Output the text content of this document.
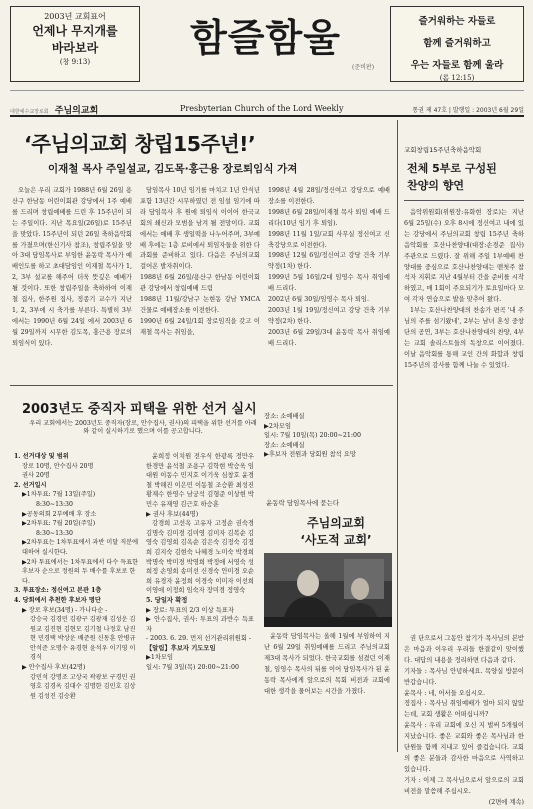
2003년 교회표어
언제나 무지개를
바라보라
(창 9:13)
함즐함울
(준비판)
즐거워하는 자들로
함께 즐거워하고
우는 자들로 함께 울라
(롬 12:15)
대한예수교장로회 주님의교회	Presbyterian Church of the Lord Weekly	통권 제 47호 | 발행일 : 2003년 6월 29일
‘주님의교회 창립15주년!’
이재철 목사 주일설교, 김도목·홍근용 장로퇴임식 가져

오늘은 우리 교회가 1988년 6월 26일 용산구 한남동 어린이회관 강당에서 1주 예배를 드리며 창립예배를 드린 후 15주년이 되는 주일이다. 지난 목요일(26일)로 15주년을 맞았다. 15주년이 되던 26일 축하음악회를 가졌으며(한신기사 참조), 창립주일을 맞아 3대 담임목사로 부임한 윤동락 목사가 예배인도를 하고 초대담임인 이재철 목사가 1, 2, 3부 설교를 해주어 더욱 뜻깊은 예배가 될 것이다. 또한 창립주일을 축하하여 이재철 집사, 한주원 집사, 정종기 교수가 지난 1, 2, 3부에 시 축가를 부른다. 특별히 3부에서는 1990년 6월 24일 에서 2003년 6월 29일까지 시무한 김도목, 홍근용 장로의 퇴임식이 있다.

담임목사 10년 임기를 마치고 1년 안식년 포함 13년간 시무하였던 전 임설 임기에 따라 담임목사 후 원에 퇴임식 이이어 한국교회의 쇄신과 모범을 남겨 될 전망이다. 교회에서는 예배 후 생일떡을 나누어주며, 3부예배 후에는 1층 로비에서 퇴임자들을 위한 다과회를 준비하고 있다. 다음은 주님의교회 걸어온 발자취이다.

1988년 6월 26일/용산구 한남동 어린이회관 강당에서 창립예배 드림

1988년 11월/강남구 논현동 강남 YMCA 건물로 예배장소를 이전한다.

1990년 6월 24일/1회 장로임직을 갖고 이재철 목사는 취임을,

1998년 4월 28일/정신여고 강당으로 예배장소를 이전한다.

1998년 6월 28일/이재철 목사 퇴임 예배 드리다(10년 임기 후 퇴임).

1998년 11월 1일/교회 사무실 정신여고 신축강당으로 이전한다.

1998년 12월 6일/정신여고 강당 건축 기부약정(1차) 한다.

1999년 5월 16일/2대 임영수 목사 취임예배 드리다.

2002년 6월 30일/임영수 목사 퇴임.

2003년 1월 19일/정신여고 강당 건축 기부약정(2차) 한다.

2003년 6월 29일/3대 윤동락 목사 취임예배 드리다.

교회창립15주년축하음악회
전체 5부로 구성된
찬양의 향연

음악위원회(위원장:유화현 장로)는 지난 6월 25일(수) 오후 8시에 정신여고 내에 있는 강당에서 주님의교회 창립 15주년 축하음악회를 호산나찬양대(대장:손경준 집사)주관으로 드렸다. 잘 위해 주일 1부예배 찬양대를 중심으로 호산나찬양대는 맨첫주 참석자 지휘로 지난 4월부터 간을 준비를 시작하였고, 매 1회이 주요되기가 토요일마다 모여 각자 연습으로 발을 맞추어 왔다.

1부는 호산나찬양대의 찬송가 편곡 '내 주님의 주를 섬기왔네', 2부는 남녀 혼성 중창단의 공연, 3부는 호산나찬양대의 찬양, 4부는 교회 솔리스트들의 독창으로 이어졌다. 이날 음악회를 통해 교인 간의 화합과 창립 15주년의 감사를 함께 나눌 수 있었다.

2003년도 중직자 피택을 위한 선거 실시
우리 교회에서는 2003년도 중직자(장로, 안수집사, 권사)의 피택을 위한 선거를 아래와 같이 실시하기로 했으며 이를 공고합니다.
1. 선거대상 및 범위
장로 10명, 안수집사 20명
권사 20명
2. 선거일시
▶1차투표: 7월 13일(주일)
8:30~13:30
▶공동의회 2부예배 후 장소
▶2차투표: 7월 20일(주일)
8:30~13:30
▶2차투표는 1차투표에서 과반 미달 직분에 대하여 실시한다.
▶2차 투표에서는 1차투표에서 다수 득표한 후보자 순으로 정원의 두 배수를 후보로 한다.
3. 투표장소: 정신여고 본관 1층
4. 당회에서 추천한 후보자 명단
▶ 장로 후보(34명) - 가나다순 -
강승국 김경민 김광구 김광재 김성운 김원교 김진현 김현모 김기철 나정호 남진현 민경택 박상운 배준원 신동훈 안병규 안석준 오명수 유경현 윤석우 이기영 이경식
▶ 안수집사 후보(42명)
강민석 강명조 고상국 곽광보 구경민 권영호 김경옥 김대수 김명한 김민호 김상원 김성진 김승환

윤희정 이치원 전우식 한광록 정만우 한경만 윤석철 조용구 김학현 박승욱 임대원 이동수 민지호 이기욱 심창호 윤경철 박해진 이은민 이동철 조승환 최성진 황재수 한영수 남궁석 김형준 이상현 박민수 유재영 김근호 하승훈

▶ 권사 후보(44명)

강경희 고선옥 고유자 고정순 권숙경 김명숙 김미경 김미영 김미자 김복순 김영숙 김영희 김옥순 김은숙 김정숙 김정희 김지숙 김현숙 나혜경 노미숙 박경희 박명숙 박미경 박영희 박정애 서영숙 성희정 손영희 송미선 신경숙 안미경 오순희 유경자 윤정희 이경숙 이미자 이선희 이영애 이정희 임숙자 장미경 정영숙

5. 당일자 확정

▶ 장로: 투표의 2/3 이상 득표자

▶ 안수집사, 권사: 투표의 과반수 득표자

- 2003. 6. 29. 먼저 선거관리위원회 -

【알림】후보자 기도모임

▶1차모임

일시: 7월 3일(목) 20:00~21:00

장소: 소예배실

▶2차모임

일시: 7월 10일(목) 20:00~21:00

장소: 소예배실

▶후보자 전원과 당회원 참석 요망

윤동락 담임목사에 묻는다
주님의교회
‘사도적 교회’

윤동락 담임목사는 올해 1월에 부임하여 지난 6월 29일 취임예배를 드리고 주님의교회 제3대 목사가 되었다. 한국교회를 섬겼던 이재철, 임영수 목사의 뒤를 이어 담임목사가 된 윤동락 목사에게 앞으로의 목회 비전과 교회에 대한 생각을 물어보는 시간을 가졌다.

권 단으로서 그동안 참기가 목사님의 본받은 마음과 이우리 우리들 한결같이 맞이했다. 대답의 내용을 정리하면 다음과 같다.

기자들 : 목사님 안녕하세요. 목양실 방문이 반갑습니다.

윤목사 : 네, 어서들 오십시오.

정집사 : 목사님 취임예배가 얼마 되지 않았는데, 교회 생활은 어떠십니까?

윤목사 : 우리 교회에 오신 지 벌써 5개월이 지났습니다. 좋은 교회와 좋은 목사님과 한 단원들 함께 지내고 있어 즐겁습니다. 교회의 좋은 분들과 감사한 마음으로 사역하고 있습니다.

기자 : 이제 그 목사님으로서 앞으로의 교회 비전을 말씀해 주십시오.

(2면에 계속)
